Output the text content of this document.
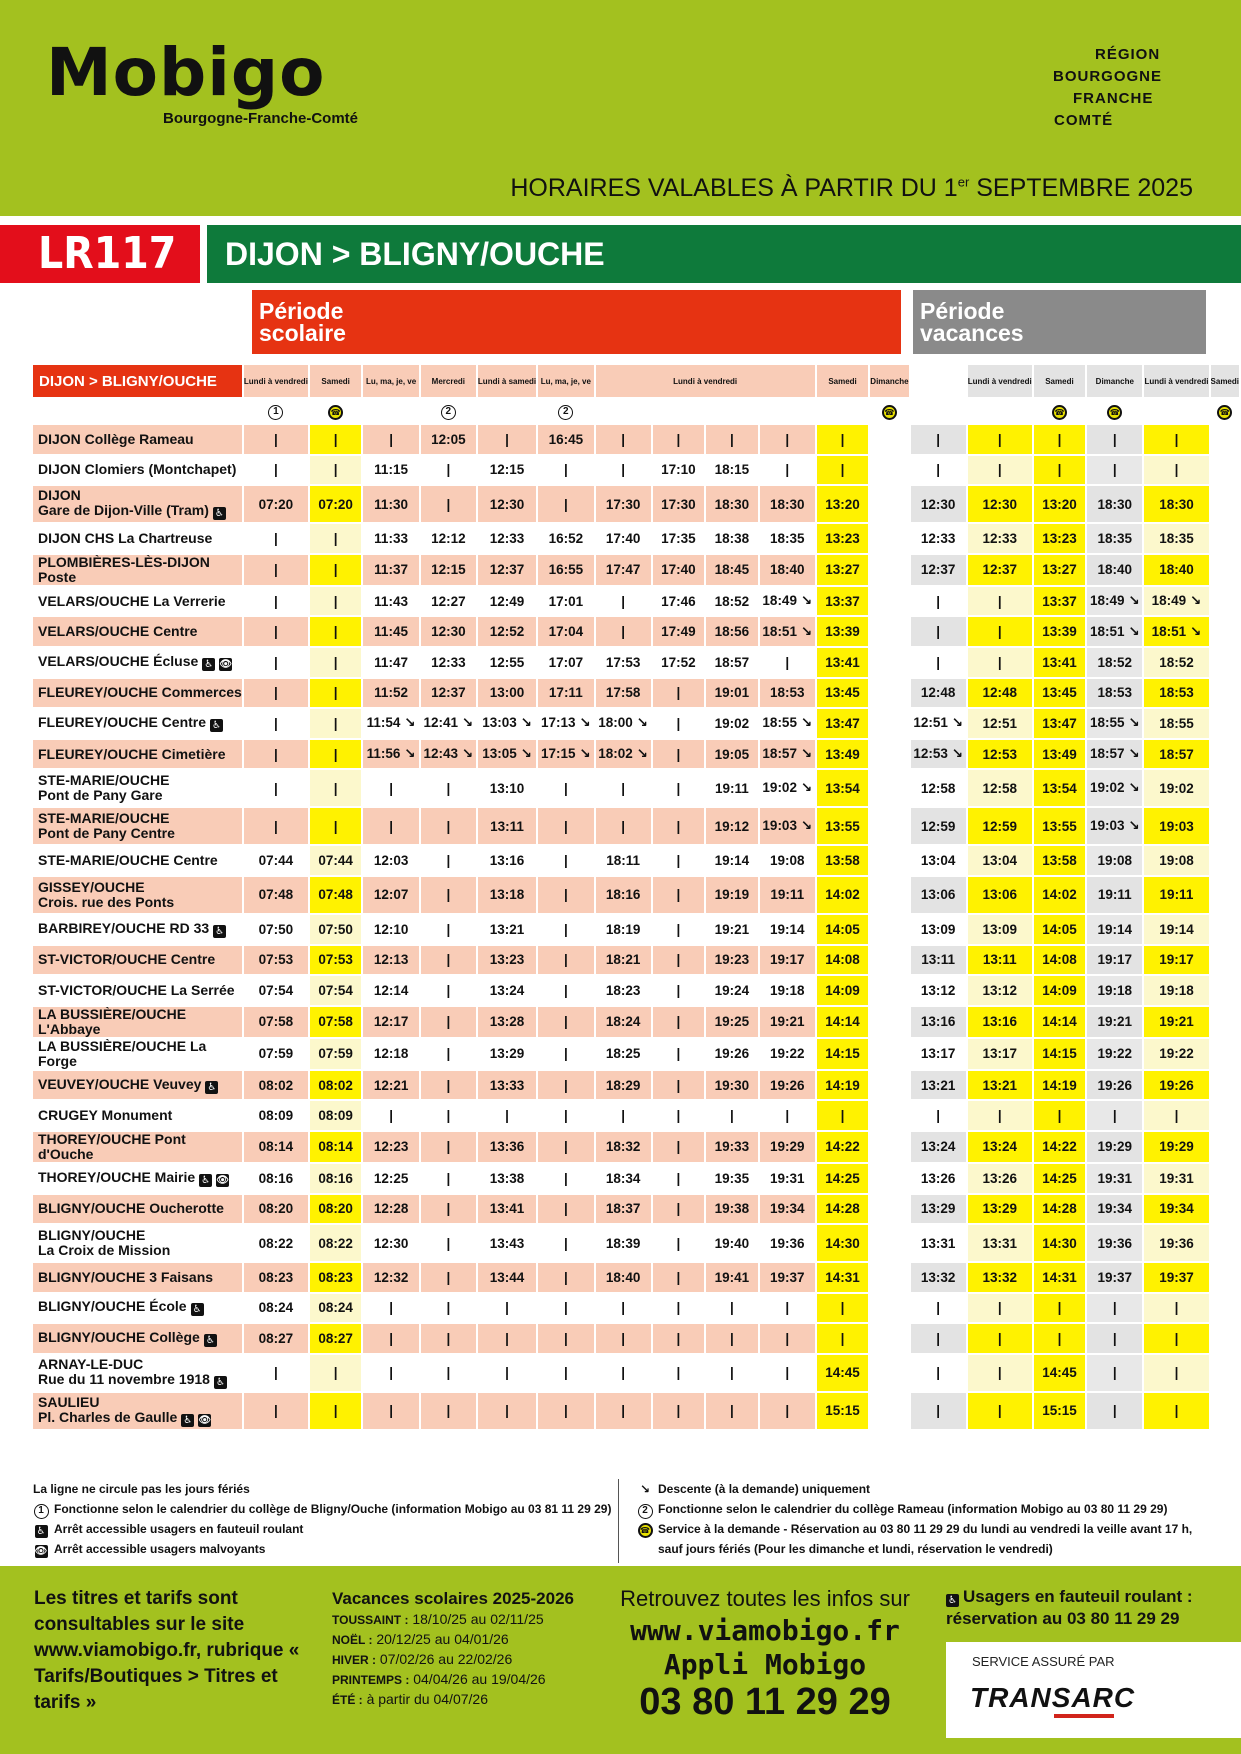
Mobigo
Bourgogne-Franche-Comté
RÉGION
BOURGOGNE
FRANCHE
COMTÉ
HORAIRES VALABLES À PARTIR DU 1er SEPTEMBRE 2025
LR117	DIJON > BLIGNY/OUCHE
Période
scolaire
Période
vacances
DIJON > BLIGNY/OUCHE	Lundi à vendredi	Samedi	Lu, ma, je, ve	Mercredi	Lundi à samedi	Lu, ma, je, ve	Lundi à vendredi				Samedi	Dimanche		Lundi à vendredi	Samedi	Dimanche	Lundi à vendredi	Samedi
	1	☎		2		2						☎			☎	☎		☎
DIJON Collège Rameau	|	|	|	12:05	|	16:45	|	|	|	|	|		|	|	|	|	|	
DIJON Clomiers (Montchapet)	|	|	11:15	|	12:15	|	|	17:10	18:15	|	|		|	|	|	|	|	
DIJON
Gare de Dijon-Ville (Tram) ♿	07:20	07:20	11:30	|	12:30	|	17:30	17:30	18:30	18:30	13:20		12:30	12:30	13:20	18:30	18:30	
DIJON CHS La Chartreuse	|	|	11:33	12:12	12:33	16:52	17:40	17:35	18:38	18:35	13:23		12:33	12:33	13:23	18:35	18:35	
PLOMBIÈRES-LÈS-DIJON Poste	|	|	11:37	12:15	12:37	16:55	17:47	17:40	18:45	18:40	13:27		12:37	12:37	13:27	18:40	18:40	
VELARS/OUCHE La Verrerie	|	|	11:43	12:27	12:49	17:01	|	17:46	18:52	18:49 ↘	13:37		|	|	13:37	18:49 ↘	18:49 ↘	
VELARS/OUCHE Centre	|	|	11:45	12:30	12:52	17:04	|	17:49	18:56	18:51 ↘	13:39		|	|	13:39	18:51 ↘	18:51 ↘	
VELARS/OUCHE Écluse ♿ 👁	|	|	11:47	12:33	12:55	17:07	17:53	17:52	18:57	|	13:41		|	|	13:41	18:52	18:52	
FLEUREY/OUCHE Commerces	|	|	11:52	12:37	13:00	17:11	17:58	|	19:01	18:53	13:45		12:48	12:48	13:45	18:53	18:53	
FLEUREY/OUCHE Centre ♿	|	|	11:54 ↘	12:41 ↘	13:03 ↘	17:13 ↘	18:00 ↘	|	19:02	18:55 ↘	13:47		12:51 ↘	12:51	13:47	18:55 ↘	18:55	
FLEUREY/OUCHE Cimetière	|	|	11:56 ↘	12:43 ↘	13:05 ↘	17:15 ↘	18:02 ↘	|	19:05	18:57 ↘	13:49		12:53 ↘	12:53	13:49	18:57 ↘	18:57	
STE-MARIE/OUCHE
Pont de Pany Gare	|	|	|	|	13:10	|	|	|	19:11	19:02 ↘	13:54		12:58	12:58	13:54	19:02 ↘	19:02	
STE-MARIE/OUCHE
Pont de Pany Centre	|	|	|	|	13:11	|	|	|	19:12	19:03 ↘	13:55		12:59	12:59	13:55	19:03 ↘	19:03	
STE-MARIE/OUCHE Centre	07:44	07:44	12:03	|	13:16	|	18:11	|	19:14	19:08	13:58		13:04	13:04	13:58	19:08	19:08	
GISSEY/OUCHE
Crois. rue des Ponts	07:48	07:48	12:07	|	13:18	|	18:16	|	19:19	19:11	14:02		13:06	13:06	14:02	19:11	19:11	
BARBIREY/OUCHE RD 33 ♿	07:50	07:50	12:10	|	13:21	|	18:19	|	19:21	19:14	14:05		13:09	13:09	14:05	19:14	19:14	
ST-VICTOR/OUCHE Centre	07:53	07:53	12:13	|	13:23	|	18:21	|	19:23	19:17	14:08		13:11	13:11	14:08	19:17	19:17	
ST-VICTOR/OUCHE La Serrée	07:54	07:54	12:14	|	13:24	|	18:23	|	19:24	19:18	14:09		13:12	13:12	14:09	19:18	19:18	
LA BUSSIÈRE/OUCHE L'Abbaye	07:58	07:58	12:17	|	13:28	|	18:24	|	19:25	19:21	14:14		13:16	13:16	14:14	19:21	19:21	
LA BUSSIÈRE/OUCHE La Forge	07:59	07:59	12:18	|	13:29	|	18:25	|	19:26	19:22	14:15		13:17	13:17	14:15	19:22	19:22	
VEUVEY/OUCHE Veuvey ♿	08:02	08:02	12:21	|	13:33	|	18:29	|	19:30	19:26	14:19		13:21	13:21	14:19	19:26	19:26	
CRUGEY Monument	08:09	08:09	|	|	|	|	|	|	|	|	|		|	|	|	|	|	
THOREY/OUCHE Pont d'Ouche	08:14	08:14	12:23	|	13:36	|	18:32	|	19:33	19:29	14:22		13:24	13:24	14:22	19:29	19:29	
THOREY/OUCHE Mairie ♿ 👁	08:16	08:16	12:25	|	13:38	|	18:34	|	19:35	19:31	14:25		13:26	13:26	14:25	19:31	19:31	
BLIGNY/OUCHE Oucherotte	08:20	08:20	12:28	|	13:41	|	18:37	|	19:38	19:34	14:28		13:29	13:29	14:28	19:34	19:34	
BLIGNY/OUCHE
La Croix de Mission	08:22	08:22	12:30	|	13:43	|	18:39	|	19:40	19:36	14:30		13:31	13:31	14:30	19:36	19:36	
BLIGNY/OUCHE 3 Faisans	08:23	08:23	12:32	|	13:44	|	18:40	|	19:41	19:37	14:31		13:32	13:32	14:31	19:37	19:37	
BLIGNY/OUCHE École ♿	08:24	08:24	|	|	|	|	|	|	|	|	|		|	|	|	|	|	
BLIGNY/OUCHE Collège ♿	08:27	08:27	|	|	|	|	|	|	|	|	|		|	|	|	|	|	
ARNAY-LE-DUC
Rue du 11 novembre 1918 ♿	|	|	|	|	|	|	|	|	|	|	14:45		|	|	14:45	|	|	
SAULIEU
Pl. Charles de Gaulle ♿ 👁	|	|	|	|	|	|	|	|	|	|	15:15		|	|	15:15	|	|	
La ligne ne circule pas les jours fériés
1 Fonctionne selon le calendrier du collège de Bligny/Ouche (information Mobigo au 03 81 11 29 29)
♿ Arrêt accessible usagers en fauteuil roulant
👁 Arrêt accessible usagers malvoyants
↘ Descente (à la demande) uniquement
2 Fonctionne selon le calendrier du collège Rameau (information Mobigo au 03 80 11 29 29)
☎ Service à la demande - Réservation au 03 80 11 29 29 du lundi au vendredi la veille avant 17 h,
sauf jours fériés (Pour les dimanche et lundi, réservation le vendredi)
Les titres et tarifs sont consultables sur le site www.viamobigo.fr, rubrique « Tarifs/Boutiques > Titres et tarifs »
Vacances scolaires 2025-2026
TOUSSAINT : 18/10/25 au 02/11/25
NOËL : 20/12/25 au 04/01/26
HIVER : 07/02/26 au 22/02/26
PRINTEMPS : 04/04/26 au 19/04/26
ÉTÉ : à partir du 04/07/26
Retrouvez toutes les infos sur
www.viamobigo.fr
Appli Mobigo
03 80 11 29 29
♿ Usagers en fauteuil roulant : réservation au 03 80 11 29 29
SERVICE ASSURÉ PAR
TRANSARC
